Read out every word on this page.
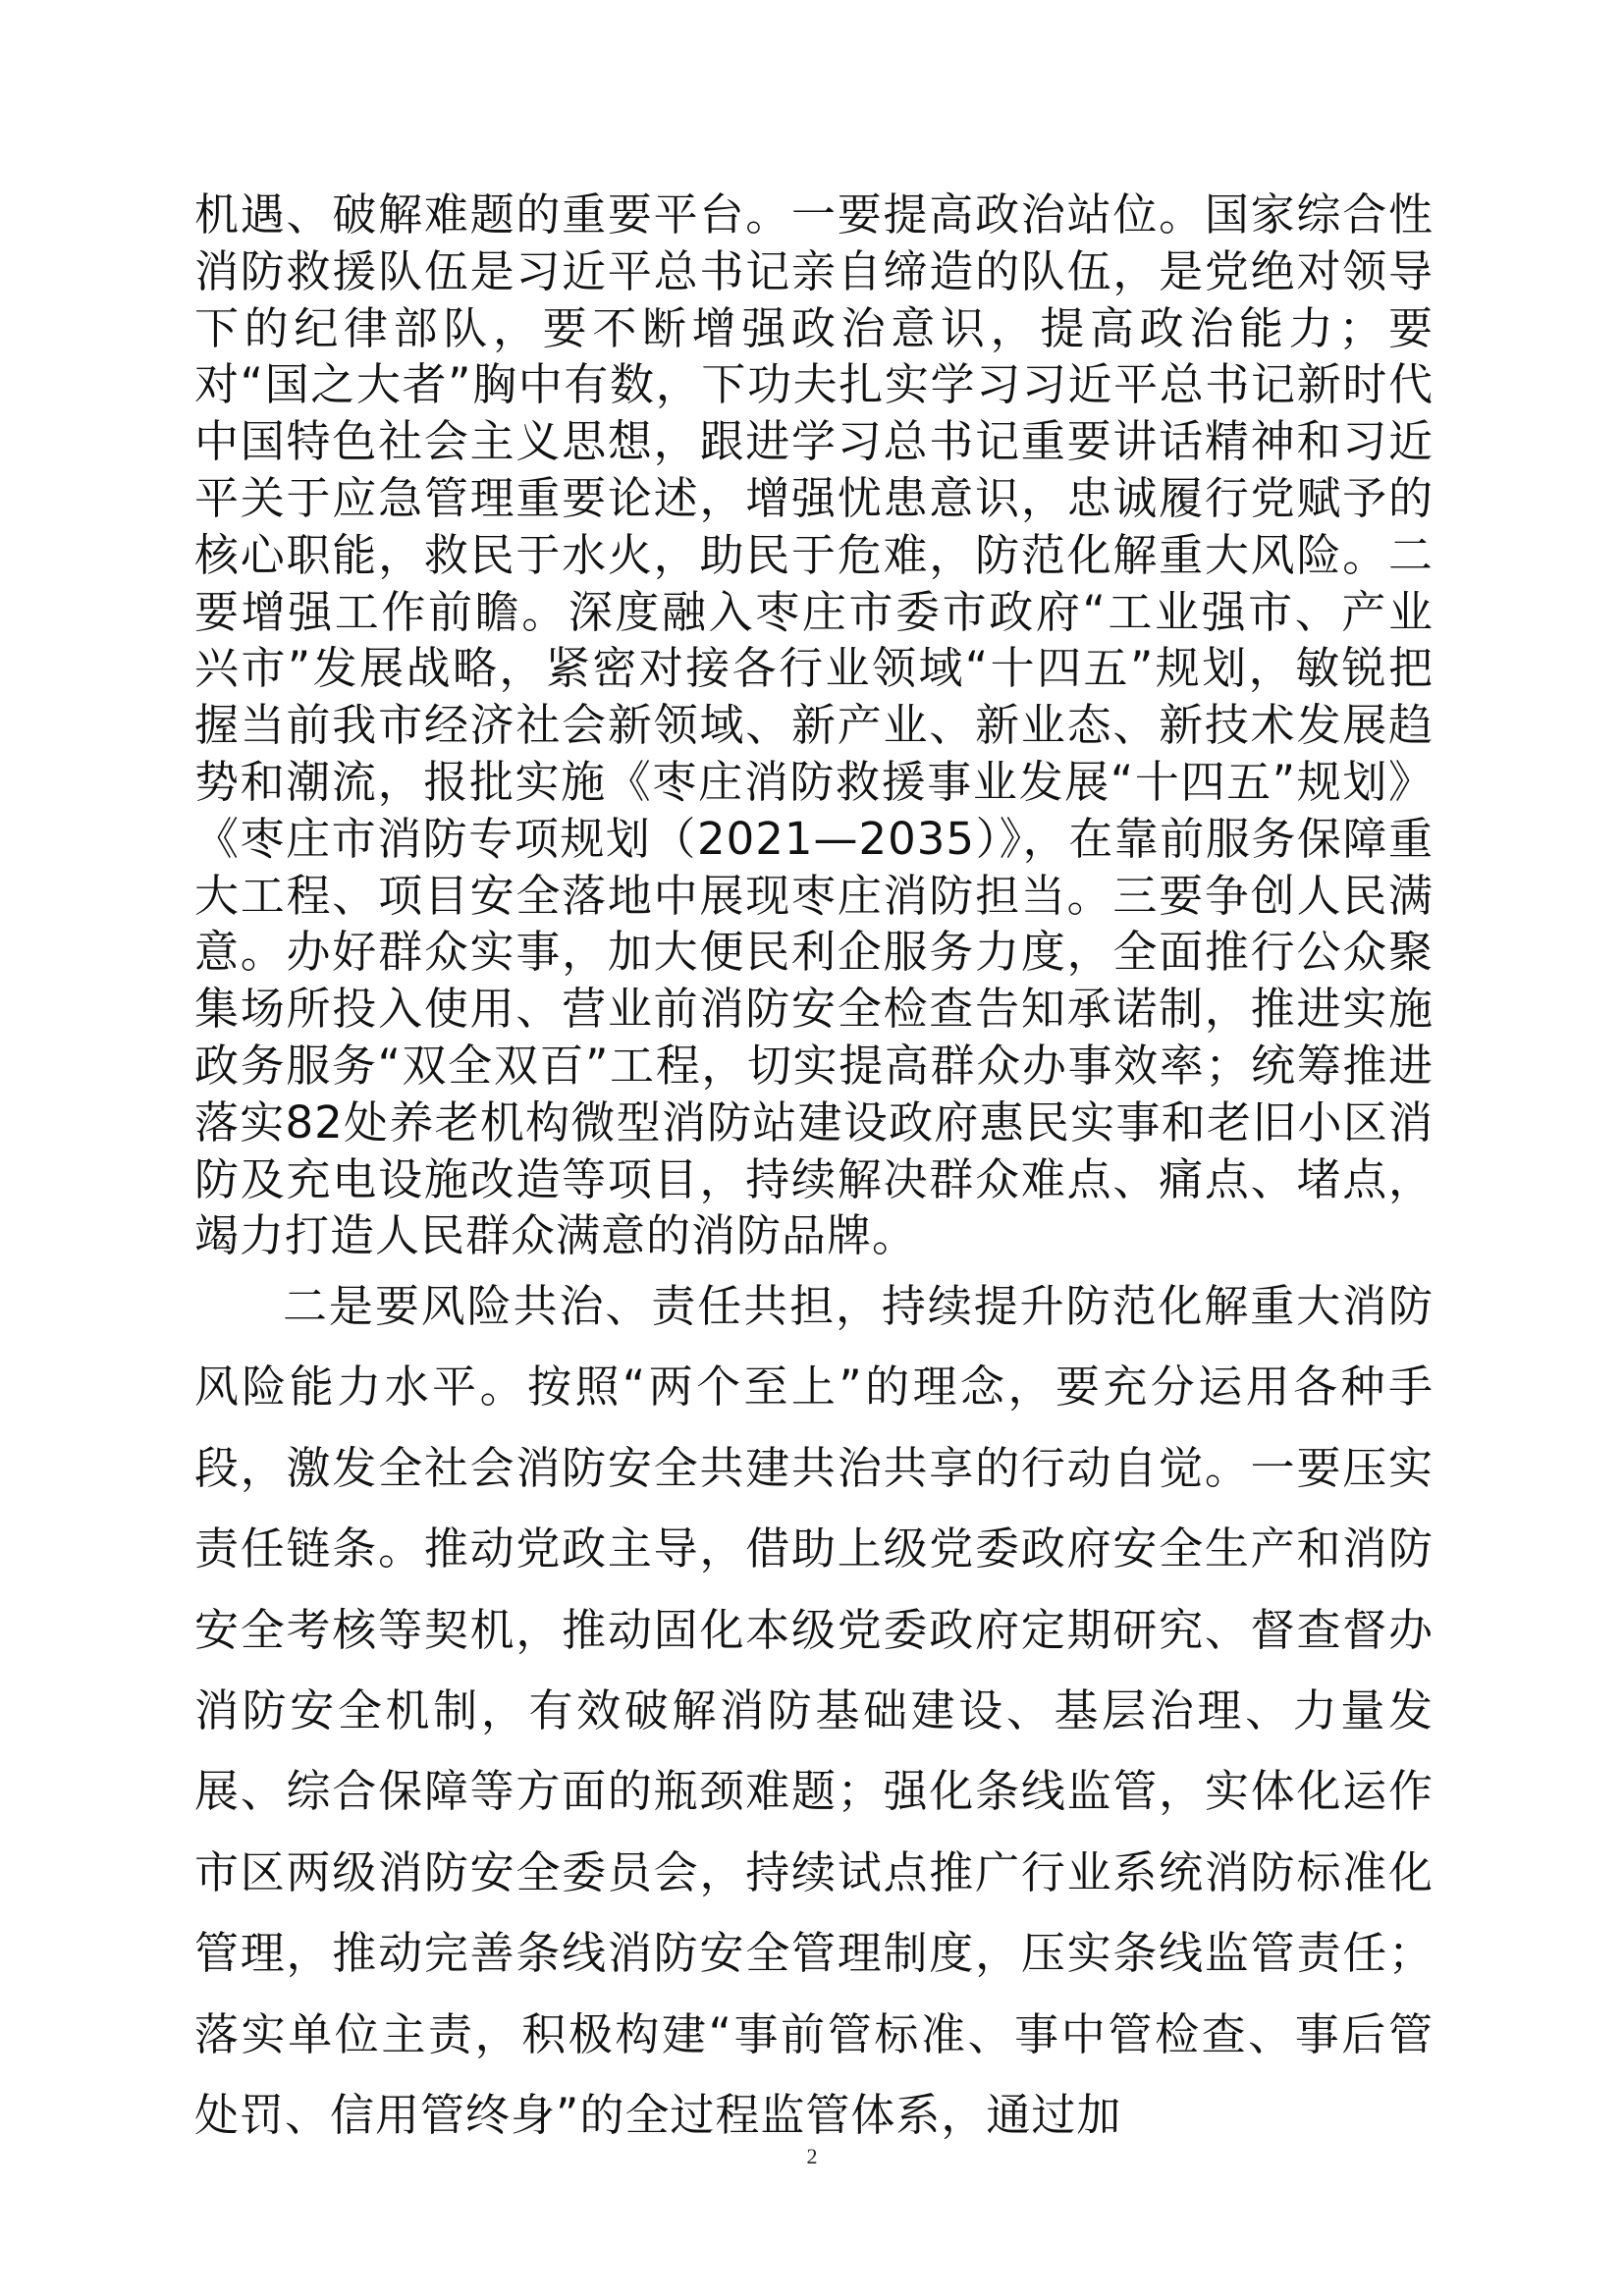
机遇、破解难题的重要平台。一要提高政治站位。国家综合性消防救援队伍是习近平总书记亲自缔造的队伍，是党绝对领导下的纪律部队，要不断增强政治意识，提高政治能力；要对“国之大者”胸中有数，下功夫扎实学习习近平总书记新时代中国特色社会主义思想，跟进学习总书记重要讲话精神和习近平关于应急管理重要论述，增强忧患意识，忠诚履行党赋予的核心职能，救民于水火，助民于危难，防范化解重大风险。二要增强工作前瞻。深度融入枣庄市委市政府“工业强市、产业兴市”发展战略，紧密对接各行业领域“十四五”规划，敏锐把握当前我市经济社会新领域、新产业、新业态、新技术发展趋势和潮流，报批实施《枣庄消防救援事业发展“十四五”规划》《枣庄市消防专项规划（2021—2035）》，在靠前服务保障重大工程、项目安全落地中展现枣庄消防担当。三要争创人民满意。办好群众实事，加大便民利企服务力度，全面推行公众聚集场所投入使用、营业前消防安全检查告知承诺制，推进实施政务服务“双全双百”工程，切实提高群众办事效率；统筹推进落实82处养老机构微型消防站建设政府惠民实事和老旧小区消防及充电设施改造等项目，持续解决群众难点、痛点、堵点，竭力打造人民群众满意的消防品牌。

二是要风险共治、责任共担，持续提升防范化解重大消防风险能力水平。按照“两个至上”的理念，要充分运用各种手段，激发全社会消防安全共建共治共享的行动自觉。一要压实责任链条。推动党政主导，借助上级党委政府安全生产和消防安全考核等契机，推动固化本级党委政府定期研究、督查督办消防安全机制，有效破解消防基础建设、基层治理、力量发展、综合保障等方面的瓶颈难题；强化条线监管，实体化运作市区两级消防安全委员会，持续试点推广行业系统消防标准化管理，推动完善条线消防安全管理制度，压实条线监管责任；落实单位主责，积极构建“事前管标准、事中管检查、事后管处罚、信用管终身”的全过程监管体系，通过加

2
